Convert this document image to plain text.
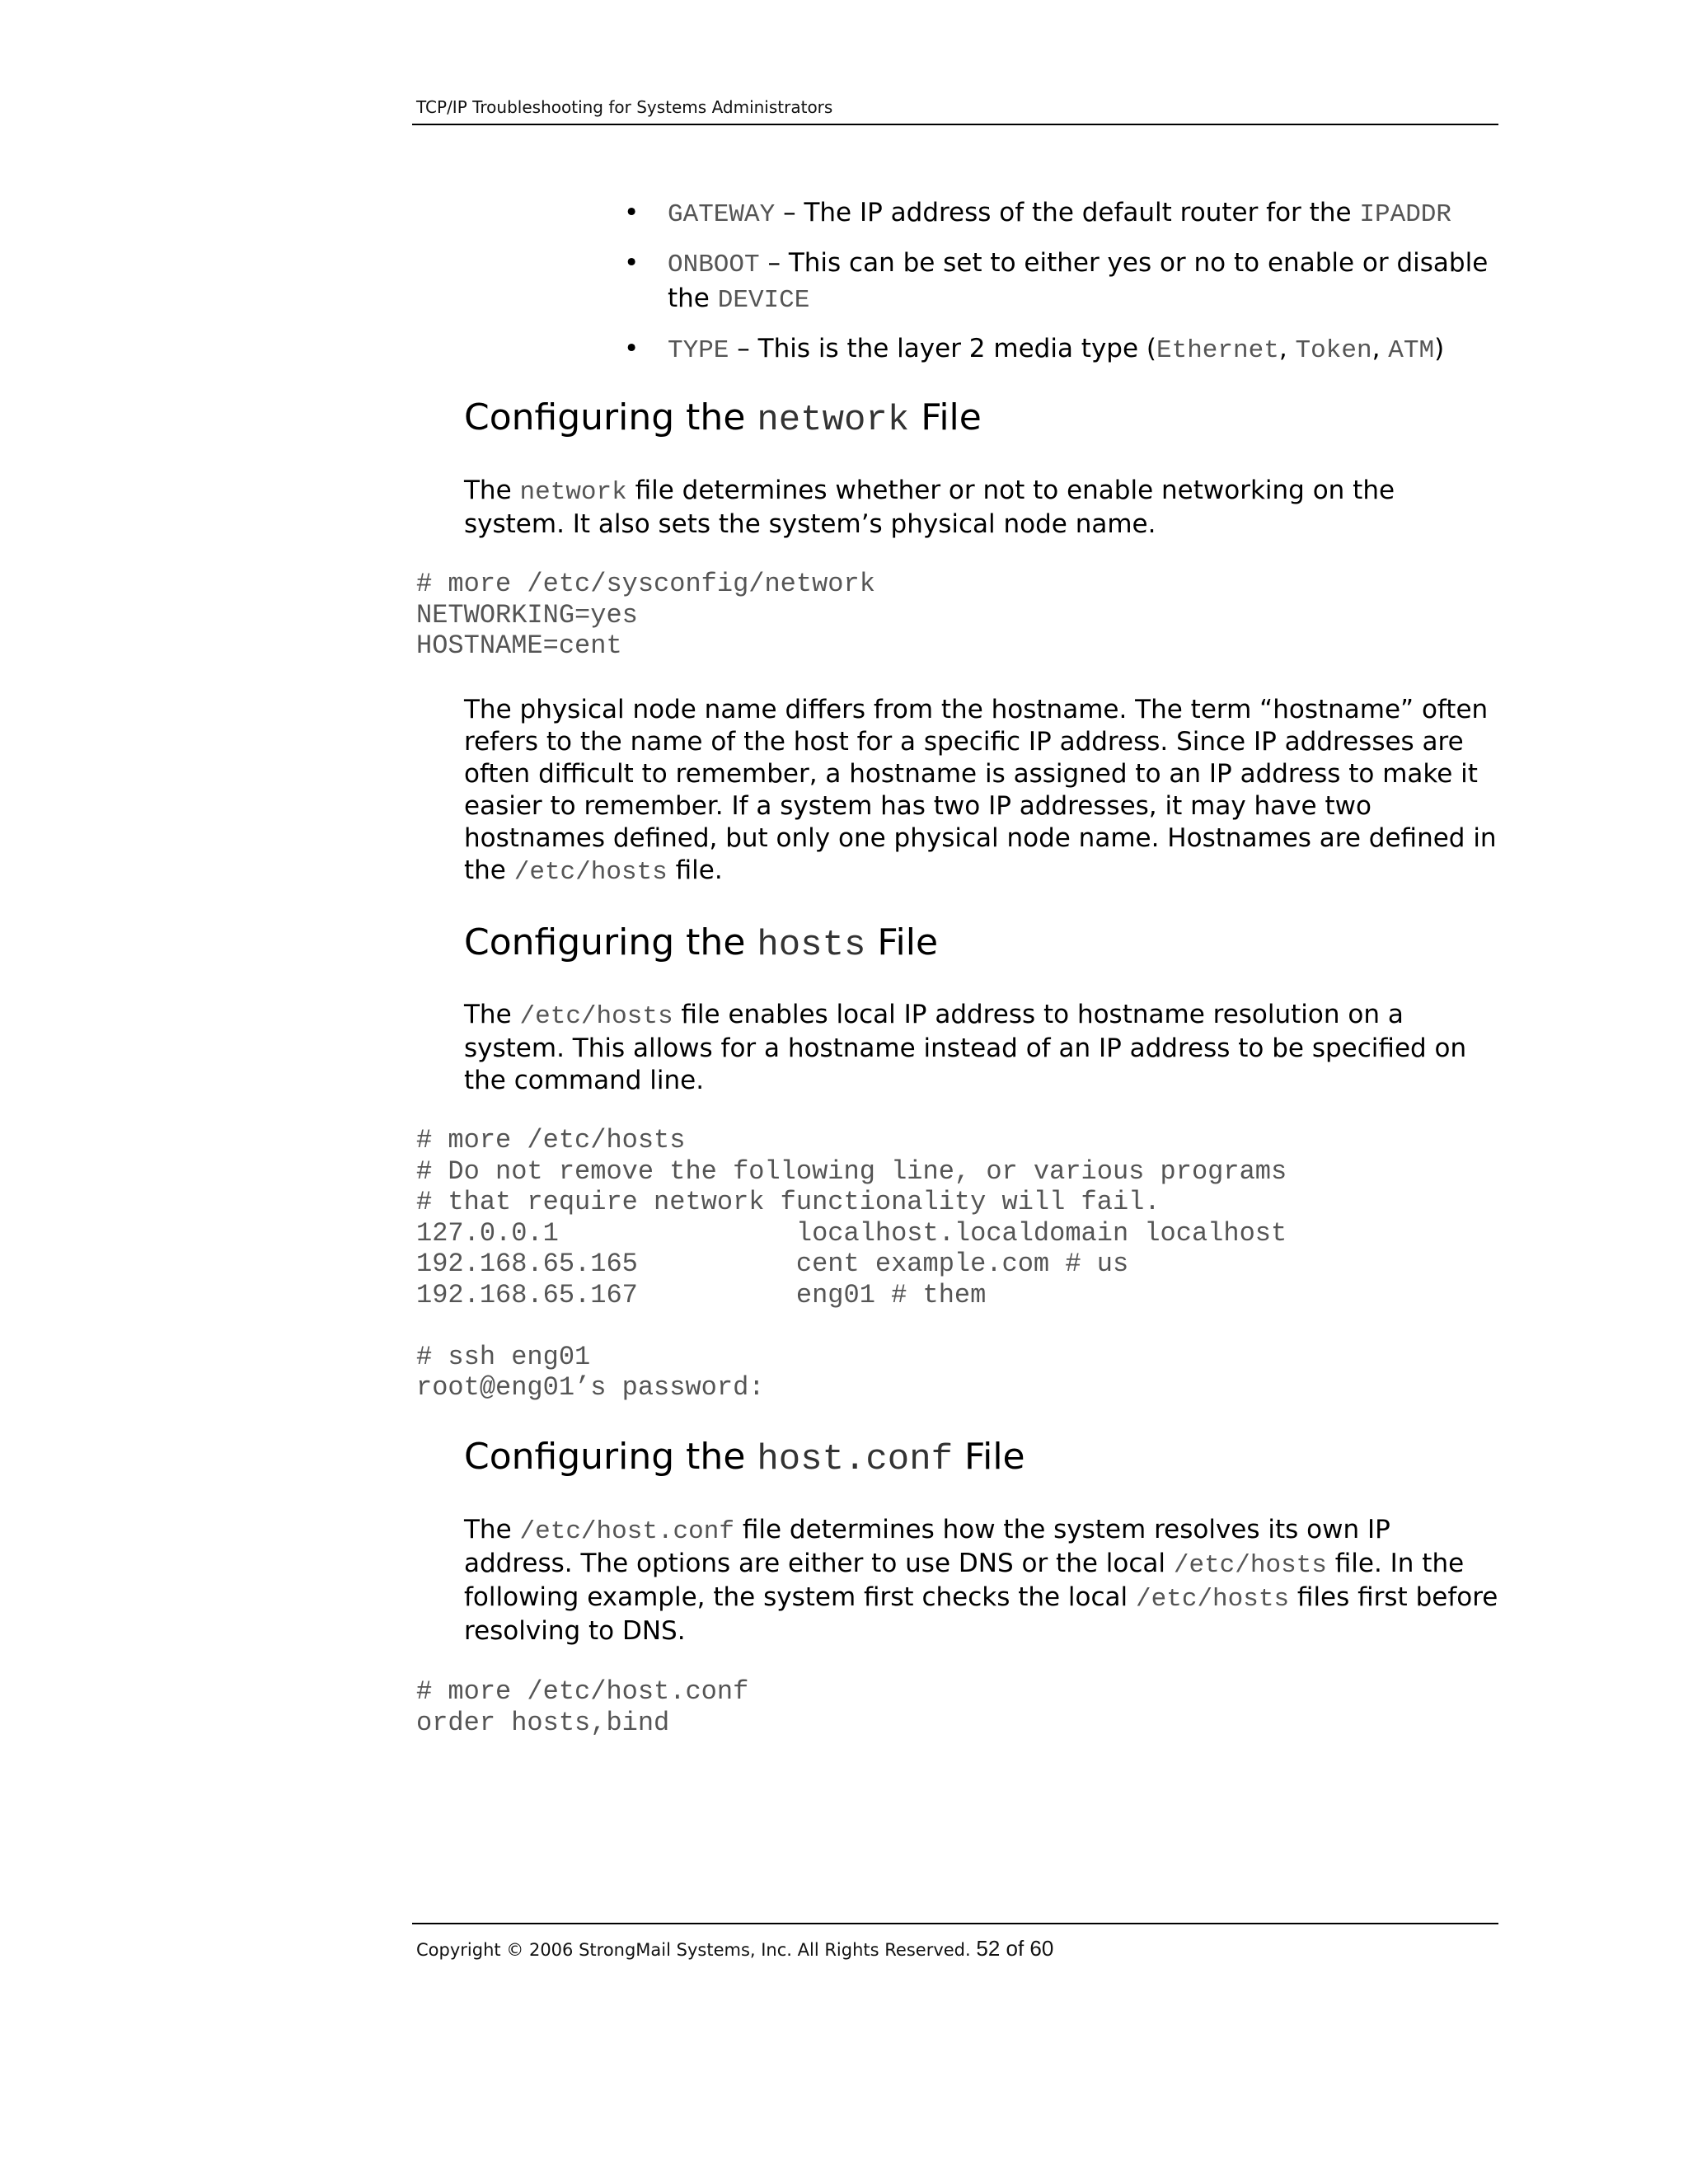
TCP/IP Troubleshooting for Systems Administrators
• GATEWAY – The IP address of the default router for the IPADDR
• ONBOOT – This can be set to either yes or no to enable or disable the DEVICE
• TYPE – This is the layer 2 media type (Ethernet, Token, ATM)
Configuring the network File

The network file determines whether or not to enable networking on the system. It also sets the system’s physical node name.

# more /etc/sysconfig/network
NETWORKING=yes
HOSTNAME=cent

The physical node name differs from the hostname. The term “hostname” often refers to the name of the host for a specific IP address. Since IP addresses are often difficult to remember, a hostname is assigned to an IP address to make it easier to remember. If a system has two IP addresses, it may have two hostnames defined, but only one physical node name. Hostnames are defined in the /etc/hosts file.

Configuring the hosts File

The /etc/hosts file enables local IP address to hostname resolution on a system. This allows for a hostname instead of an IP address to be specified on the command line.

# more /etc/hosts
# Do not remove the following line, or various programs
# that require network functionality will fail.
127.0.0.1               localhost.localdomain localhost
192.168.65.165          cent example.com # us
192.168.65.167          eng01 # them

# ssh eng01
root@eng01’s password:
Configuring the host.conf File

The /etc/host.conf file determines how the system resolves its own IP address. The options are either to use DNS or the local /etc/hosts file. In the following example, the system first checks the local /etc/hosts files first before resolving to DNS.

# more /etc/host.conf
order hosts,bind
Copyright © 2006 StrongMail Systems, Inc. All Rights Reserved. 52 of 60
